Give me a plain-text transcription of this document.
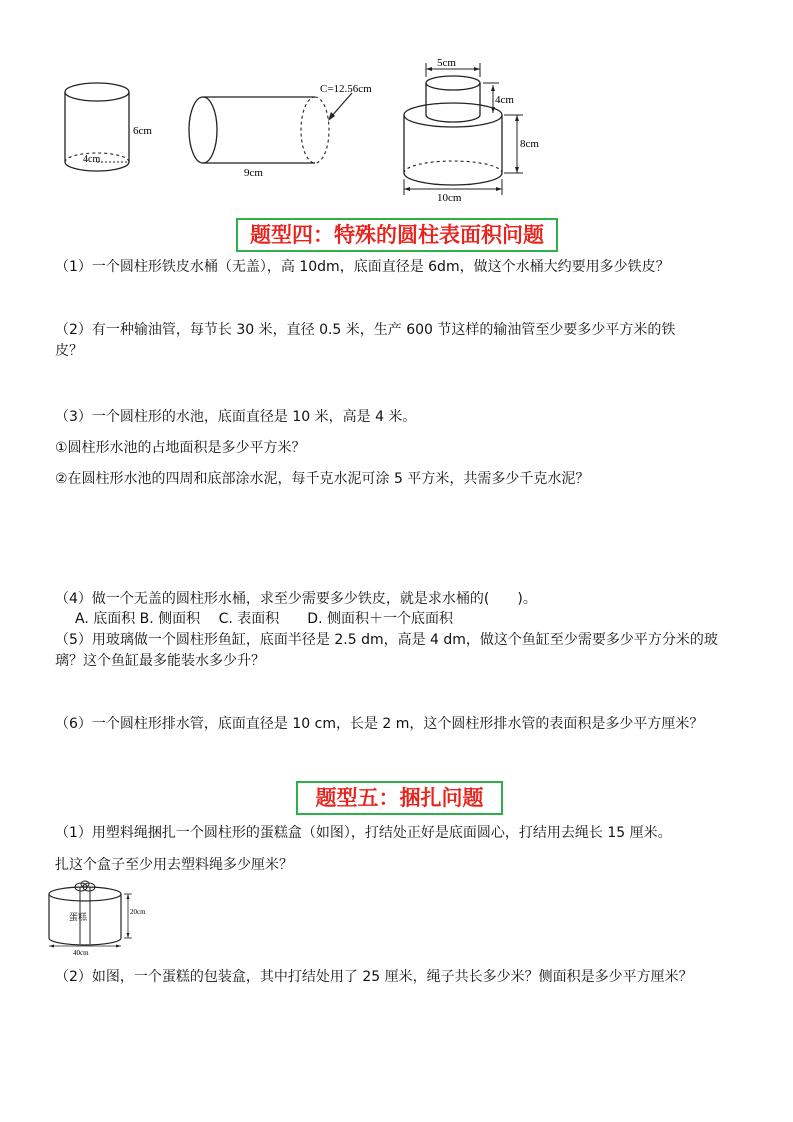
6cm
4cm
C=12.56cm
9cm
5cm
4cm
8cm
10cm
题型四：特殊的圆柱表面积问题
（1）一个圆柱形铁皮水桶（无盖），高 10dm，底面直径是 6dm，做这个水桶大约要用多少铁皮？
（2）有一种输油管，每节长 30 米，直径 0.5 米，生产 600 节这样的输油管至少要多少平方米的铁
皮？
（3）一个圆柱形的水池，底面直径是 10 米，高是 4 米。
①圆柱形水池的占地面积是多少平方米？
②在圆柱形水池的四周和底部涂水泥，每千克水泥可涂 5 平方米，共需多少千克水泥？
（4）做一个无盖的圆柱形水桶，求至少需要多少铁皮，就是求水桶的(　　)。
A. 底面积 B. 侧面积　 C. 表面积　　D. 侧面积＋一个底面积
（5）用玻璃做一个圆柱形鱼缸，底面半径是 2.5 dm，高是 4 dm，做这个鱼缸至少需要多少平方分米的玻
璃？这个鱼缸最多能装水多少升？
（6）一个圆柱形排水管，底面直径是 10 cm，长是 2 m，这个圆柱形排水管的表面积是多少平方厘米？
题型五：捆扎问题
（1）用塑料绳捆扎一个圆柱形的蛋糕盒（如图），打结处正好是底面圆心，打结用去绳长 15 厘米。
扎这个盒子至少用去塑料绳多少厘米？
蛋糕
20cm
40cm
（2）如图，一个蛋糕的包装盒，其中打结处用了 25 厘米，绳子共长多少米？侧面积是多少平方厘米？
